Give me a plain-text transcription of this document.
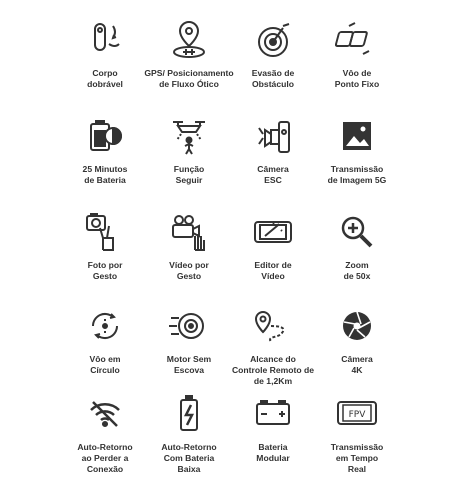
Corpo
dobrável
GPS/ Posicionamento
de Fluxo Ótico
Evasão de
Obstáculo
Vôo de
Ponto Fixo
25 Minutos
de Bateria
Função
Seguir
Câmera
ESC
Transmissão
de Imagem 5G
Foto por
Gesto
Vídeo por
Gesto
Editor de
Vídeo
Zoom
de 50x
Vôo em
Círculo
Motor Sem
Escova
Alcance do
Controle Remoto de
de 1,2Km
Câmera
4K
Auto-Retorno
ao Perder a
Conexão
Auto-Retorno
Com Bateria
Baixa
Bateria
Modular
FPV
Transmissão
em Tempo
Real
